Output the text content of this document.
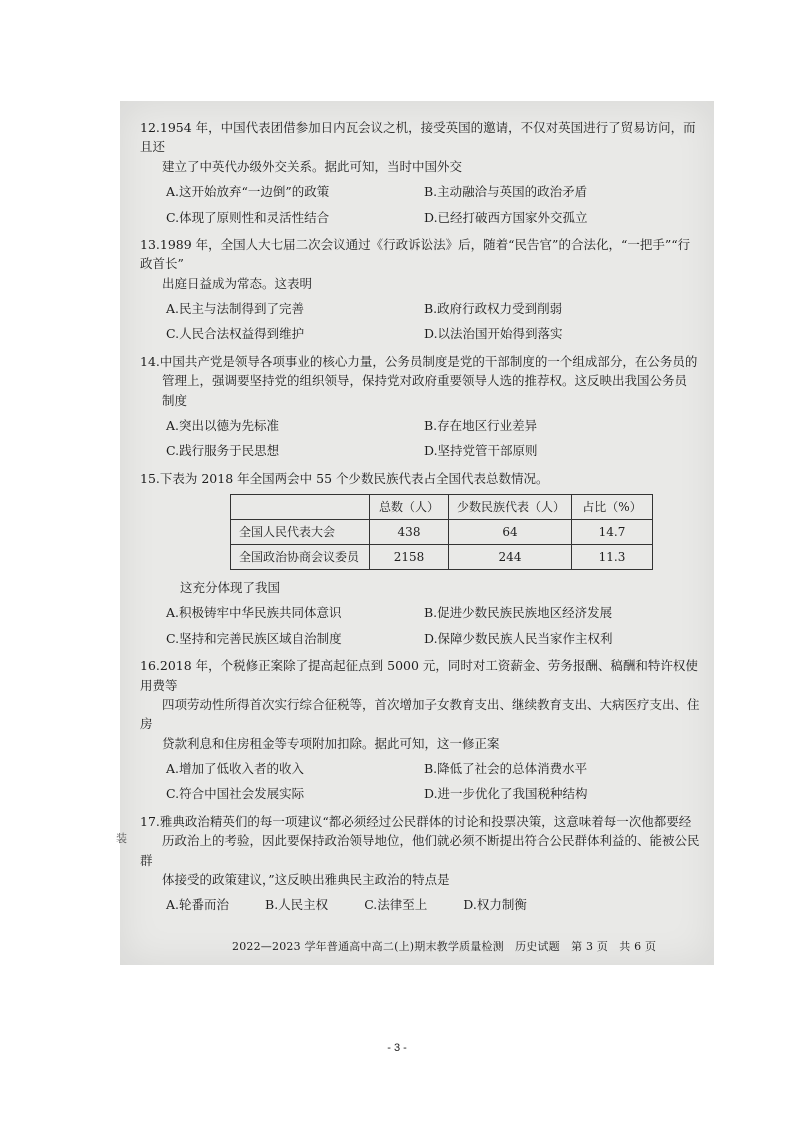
装

12.1954 年，中国代表团借参加日内瓦会议之机，接受英国的邀请，不仅对英国进行了贸易访问，而且还
建立了中英代办级外交关系。据此可知，当时中国外交

A.这开始放弃“一边倒”的政策	B.主动融洽与英国的政治矛盾
C.体现了原则性和灵活性结合	D.已经打破西方国家外交孤立

13.1989 年，全国人大七届二次会议通过《行政诉讼法》后，随着“民告官”的合法化，“一把手”“行政首长”
出庭日益成为常态。这表明

A.民主与法制得到了完善	B.政府行政权力受到削弱
C.人民合法权益得到维护	D.以法治国开始得到落实

14.中国共产党是领导各项事业的核心力量，公务员制度是党的干部制度的一个组成部分，在公务员的
管理上，强调要坚持党的组织领导，保持党对政府重要领导人选的推荐权。这反映出我国公务员
制度

A.突出以德为先标准	B.存在地区行业差异
C.践行服务于民思想	D.坚持党管干部原则

15.下表为 2018 年全国两会中 55 个少数民族代表占全国代表总数情况。

	总数（人）	少数民族代表（人）	占比（%）
全国人民代表大会	438	64	14.7
全国政治协商会议委员	2158	244	11.3

这充分体现了我国

A.积极铸牢中华民族共同体意识	B.促进少数民族民族地区经济发展
C.坚持和完善民族区域自治制度	D.保障少数民族人民当家作主权利

16.2018 年，个税修正案除了提高起征点到 5000 元，同时对工资薪金、劳务报酬、稿酬和特许权使用费等
四项劳动性所得首次实行综合征税等，首次增加子女教育支出、继续教育支出、大病医疗支出、住房
贷款利息和住房租金等专项附加扣除。据此可知，这一修正案

A.增加了低收入者的收入	B.降低了社会的总体消费水平
C.符合中国社会发展实际	D.进一步优化了我国税种结构

17.雅典政治精英们的每一项建议“都必须经过公民群体的讨论和投票决策，这意味着每一次他都要经
历政治上的考验，因此要保持政治领导地位，他们就必须不断提出符合公民群体利益的、能被公民群
体接受的政策建议，”这反映出雅典民主政治的特点是

A.轮番而治	B.人民主权	C.法律至上	D.权力制衡
2022—2023 学年普通高中高二(上)期末教学质量检测　历史试题　第 3 页　共 6 页
- 3 -
